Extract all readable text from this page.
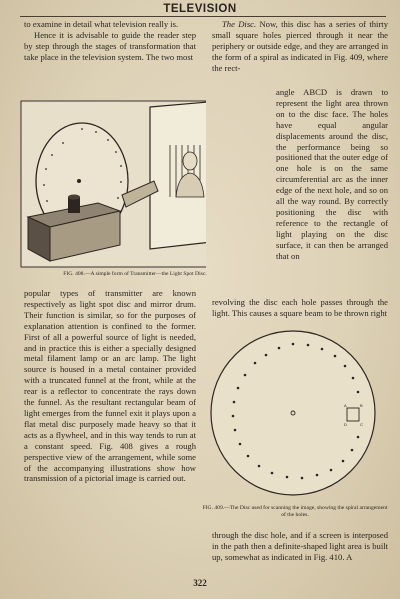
TELEVISION

to examine in detail what television really is.

Hence it is advisable to guide the reader step by step through the stages of transformation that take place in the television system. The two most

The Disc. Now, this disc has a series of thirty small square holes pierced through it near the periphery or outside edge, and they are arranged in the form of a spiral as indicated in Fig. 409, where the rect-

angle ABCD is drawn to represent the light area thrown on to the disc face. The holes have equal angular displacements around the disc, the performance being so positioned that the outer edge of one hole is on the same circumferential arc as the inner edge of the next hole, and so on all the way round. By correctly positioning the disc with reference to the rectangle of light playing on the disc surface, it can then be arranged that on

FIG. 408.—A simple form of Transmitter—the Light Spot Disc.

revolving the disc each hole passes through the light. This causes a square beam to be thrown right

popular types of transmitter are known respectively as light spot disc and mirror drum. Their function is similar, so for the purposes of explanation attention is confined to the former. First of all a powerful source of light is needed, and in practice this is either a specially designed metal filament lamp or an arc lamp. The light source is housed in a metal container provided with a truncated funnel at the front, while at the rear is a reflector to concentrate the rays down the funnel. As the resultant rectangular beam of light emerges from the funnel exit it plays upon a flat metal disc purposely made heavy so that it acts as a flywheel, and in this way tends to run at a constant speed. Fig. 408 gives a rough perspective view of the arrangement, while some of the accompanying illustrations show how transmission of a pictorial image is carried out.

A	B
C
D
FIG. 409.—The Disc used for scanning the image, showing the spiral arrangement of the holes.

through the disc hole, and if a screen is interposed in the path then a definite-shaped light area is built up, somewhat as indicated in Fig. 410. A

322
